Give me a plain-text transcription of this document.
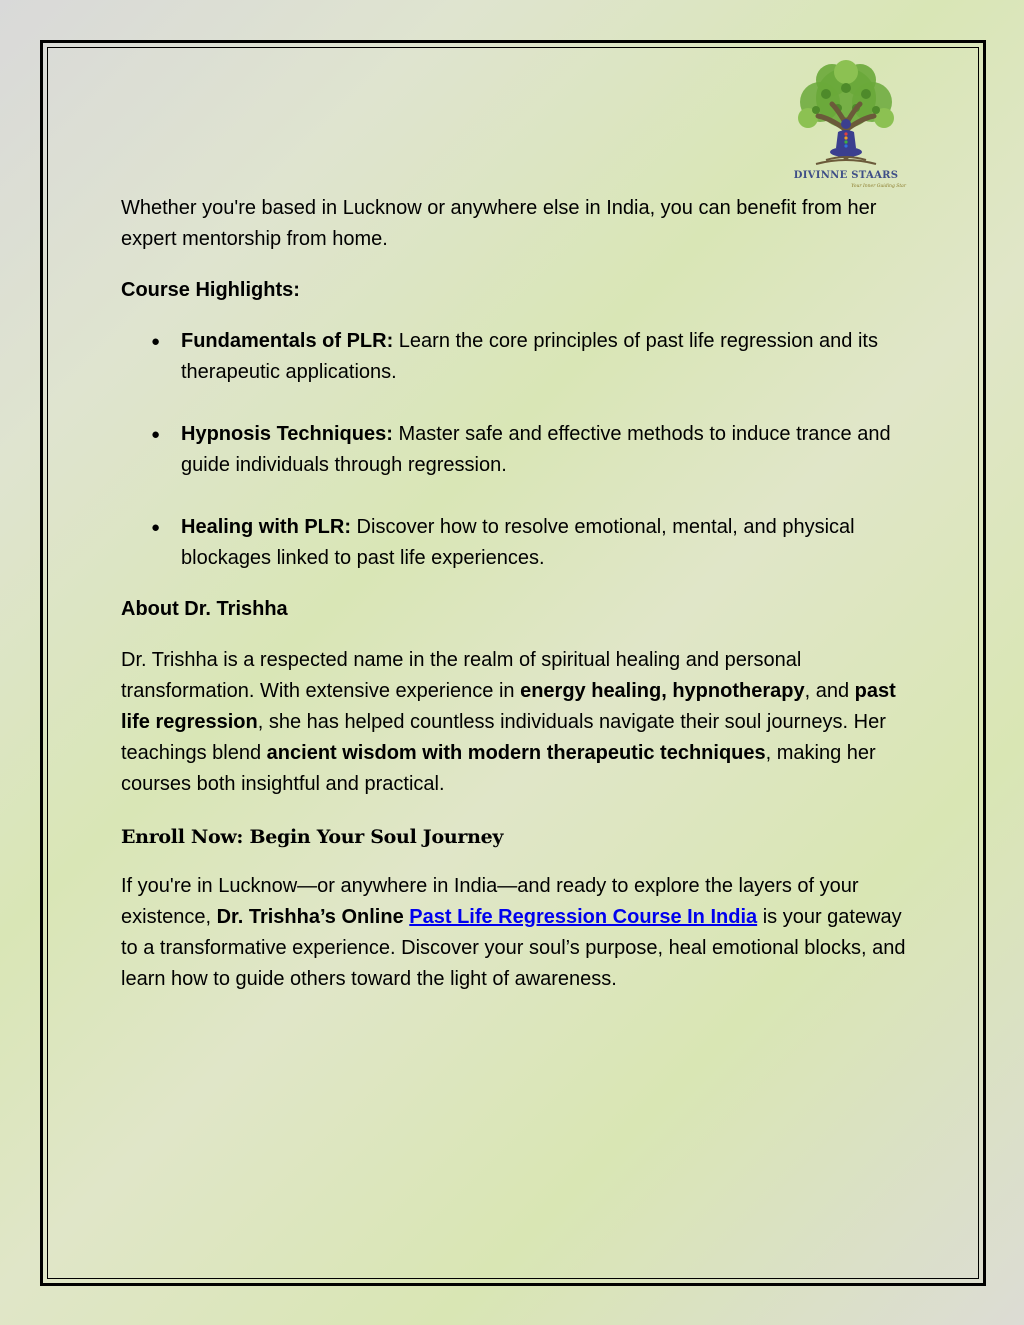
DIVINNE STAARS
Your Inner Guiding Star

Whether you're based in Lucknow or anywhere else in India, you can benefit from her expert mentorship from home.

Course Highlights:

● Fundamentals of PLR: Learn the core principles of past life regression and its therapeutic applications.
● Hypnosis Techniques: Master safe and effective methods to induce trance and guide individuals through regression.
● Healing with PLR: Discover how to resolve emotional, mental, and physical blockages linked to past life experiences.

About Dr. Trishha

Dr. Trishha is a respected name in the realm of spiritual healing and personal transformation. With extensive experience in energy healing, hypnotherapy, and past life regression, she has helped countless individuals navigate their soul journeys. Her teachings blend ancient wisdom with modern therapeutic techniques, making her courses both insightful and practical.

Enroll Now: Begin Your Soul Journey

If you're in Lucknow—or anywhere in India—and ready to explore the layers of your existence, Dr. Trishha’s Online Past Life Regression Course In India is your gateway to a transformative experience. Discover your soul’s purpose, heal emotional blocks, and learn how to guide others toward the light of awareness.
